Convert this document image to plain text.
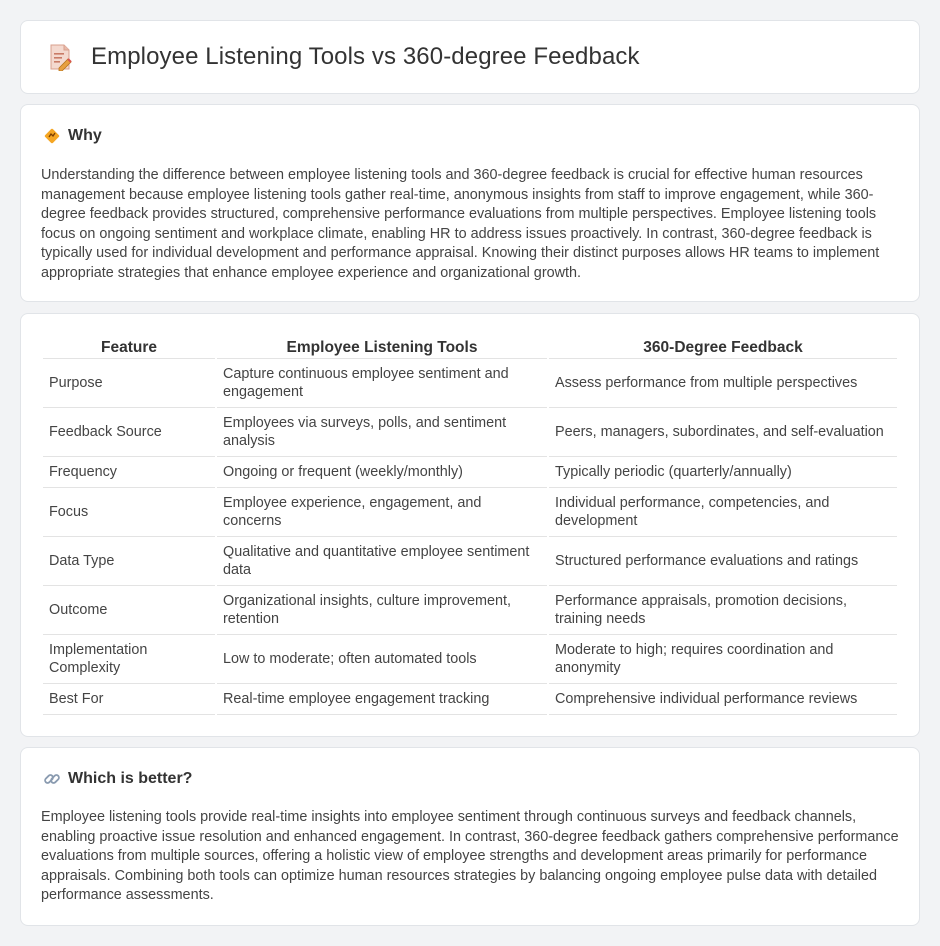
Employee Listening Tools vs 360-degree Feedback
Why

Understanding the difference between employee listening tools and 360-degree feedback is crucial for effective human resources management because employee listening tools gather real-time, anonymous insights from staff to improve engagement, while 360-degree feedback provides structured, comprehensive performance evaluations from multiple perspectives. Employee listening tools focus on ongoing sentiment and workplace climate, enabling HR to address issues proactively. In contrast, 360-degree feedback is typically used for individual development and performance appraisal. Knowing their distinct purposes allows HR teams to implement appropriate strategies that enhance employee experience and organizational growth.

Feature	Employee Listening Tools	360-Degree Feedback
Purpose	Capture continuous employee sentiment and engagement	Assess performance from multiple perspectives
Feedback Source	Employees via surveys, polls, and sentiment analysis	Peers, managers, subordinates, and self-evaluation
Frequency	Ongoing or frequent (weekly/monthly)	Typically periodic (quarterly/annually)
Focus	Employee experience, engagement, and concerns	Individual performance, competencies, and development
Data Type	Qualitative and quantitative employee sentiment data	Structured performance evaluations and ratings
Outcome	Organizational insights, culture improvement, retention	Performance appraisals, promotion decisions, training needs
Implementation Complexity	Low to moderate; often automated tools	Moderate to high; requires coordination and anonymity
Best For	Real-time employee engagement tracking	Comprehensive individual performance reviews
Which is better?

Employee listening tools provide real-time insights into employee sentiment through continuous surveys and feedback channels, enabling proactive issue resolution and enhanced engagement. In contrast, 360-degree feedback gathers comprehensive performance evaluations from multiple sources, offering a holistic view of employee strengths and development areas primarily for performance appraisals. Combining both tools can optimize human resources strategies by balancing ongoing employee pulse data with detailed performance assessments.
